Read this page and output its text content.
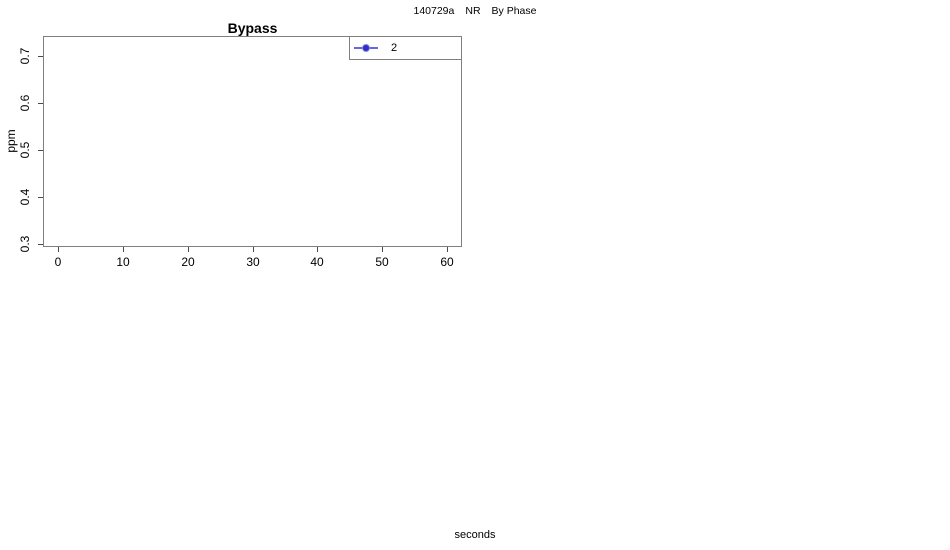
140729a NR By Phase
Bypass
ppm
0.7
0.6
0.5
0.4
0.3
0	10	20	30	40	50	60
2
seconds
